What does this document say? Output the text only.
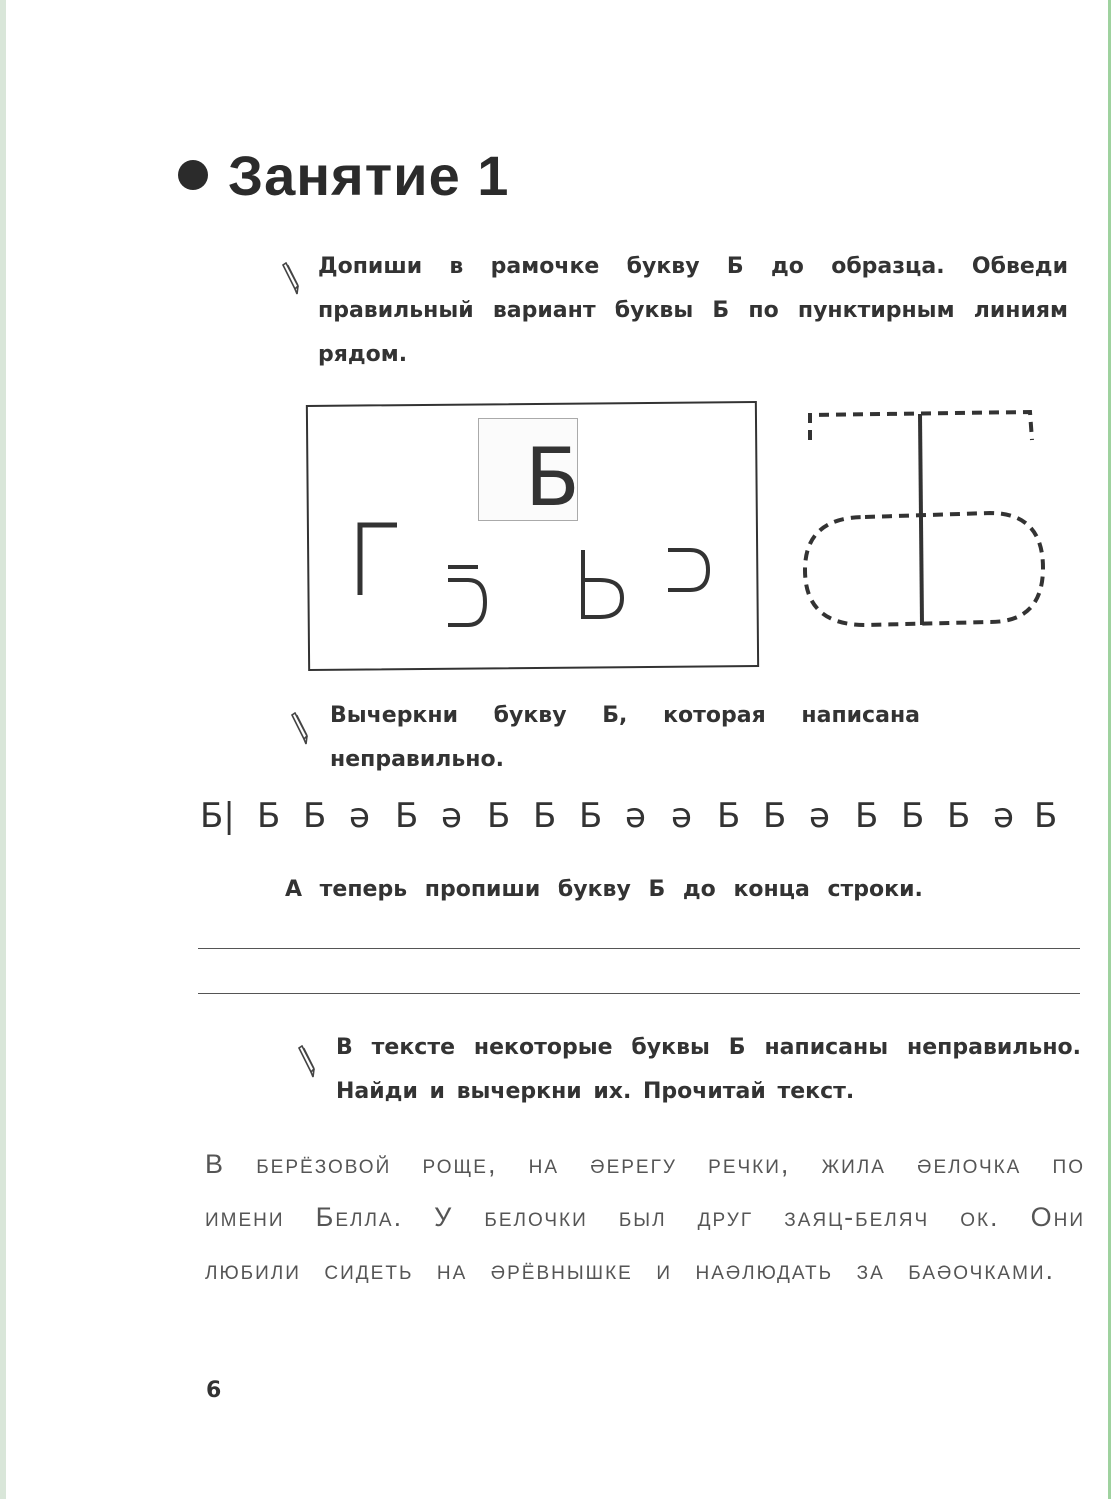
Занятие 1
Допиши в рамочке букву Б до образца. Обведи правильный вариант буквы Б по пунктирным линиям рядом.
Б
Вычеркни букву Б, которая написана неправильно.
Б| Б Б ә Б ә Б Б Б ә ә Б Б ә Б Б Б ә Б
А теперь пропиши букву Б до конца строки.
В тексте некоторые буквы Б написаны неправильно. Найди и вычеркни их. Прочитай текст.
В берёзовой роще, на әерегу речки, жила әелочка по имени Белла. У белочки был друг заяц-беляч ок. Они любили сидеть на әрёвнышке и наәлюдать за баәочками.
6
